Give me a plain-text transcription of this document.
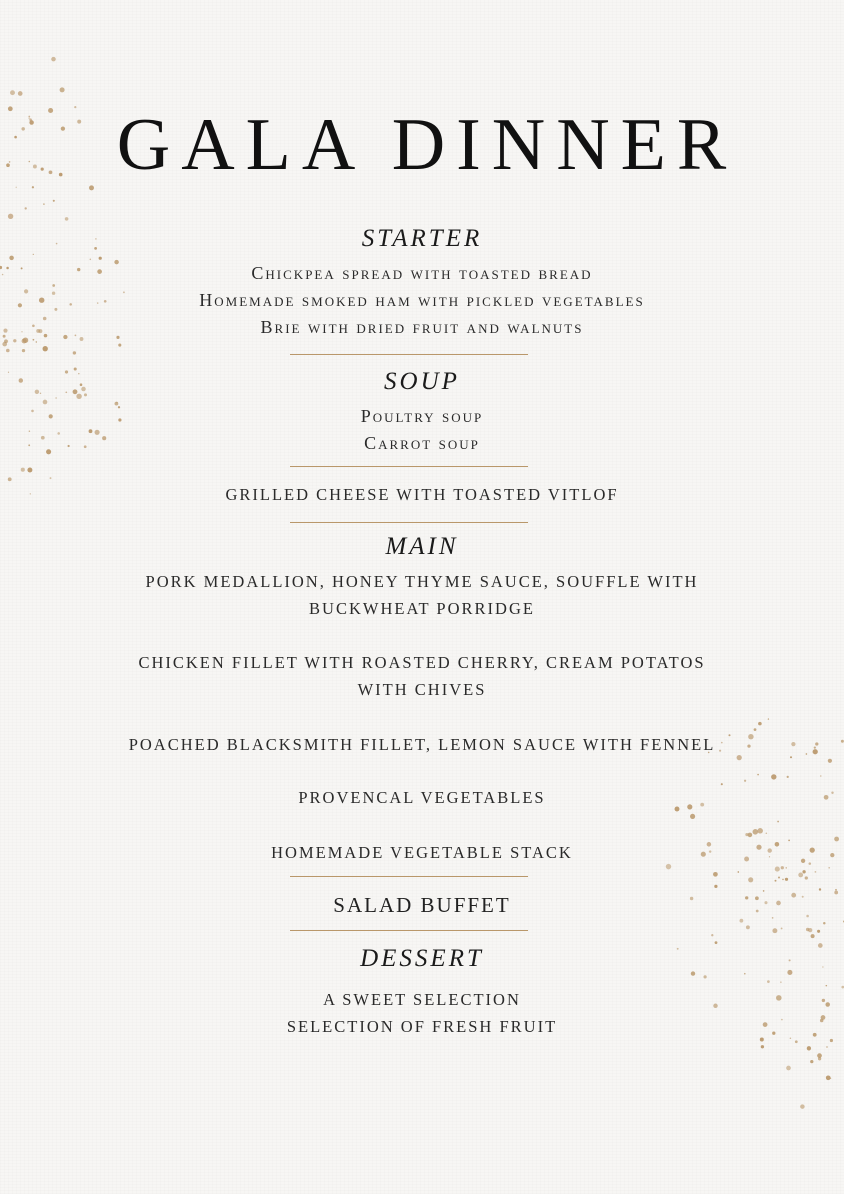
GALA DINNER
STARTER
Chickpea spread with toasted bread
Homemade smoked ham with pickled vegetables
Brie with dried fruit and walnuts
SOUP
Poultry soup
Carrot soup
GRILLED CHEESE WITH TOASTED VITLOF
MAIN
PORK MEDALLION, HONEY THYME SAUCE, SOUFFLE WITH
BUCKWHEAT PORRIDGE
CHICKEN FILLET WITH ROASTED CHERRY, CREAM POTATOS
WITH CHIVES
POACHED BLACKSMITH FILLET, LEMON SAUCE WITH FENNEL
PROVENCAL VEGETABLES
HOMEMADE VEGETABLE STACK
SALAD BUFFET
DESSERT
A SWEET SELECTION
SELECTION OF FRESH FRUIT
